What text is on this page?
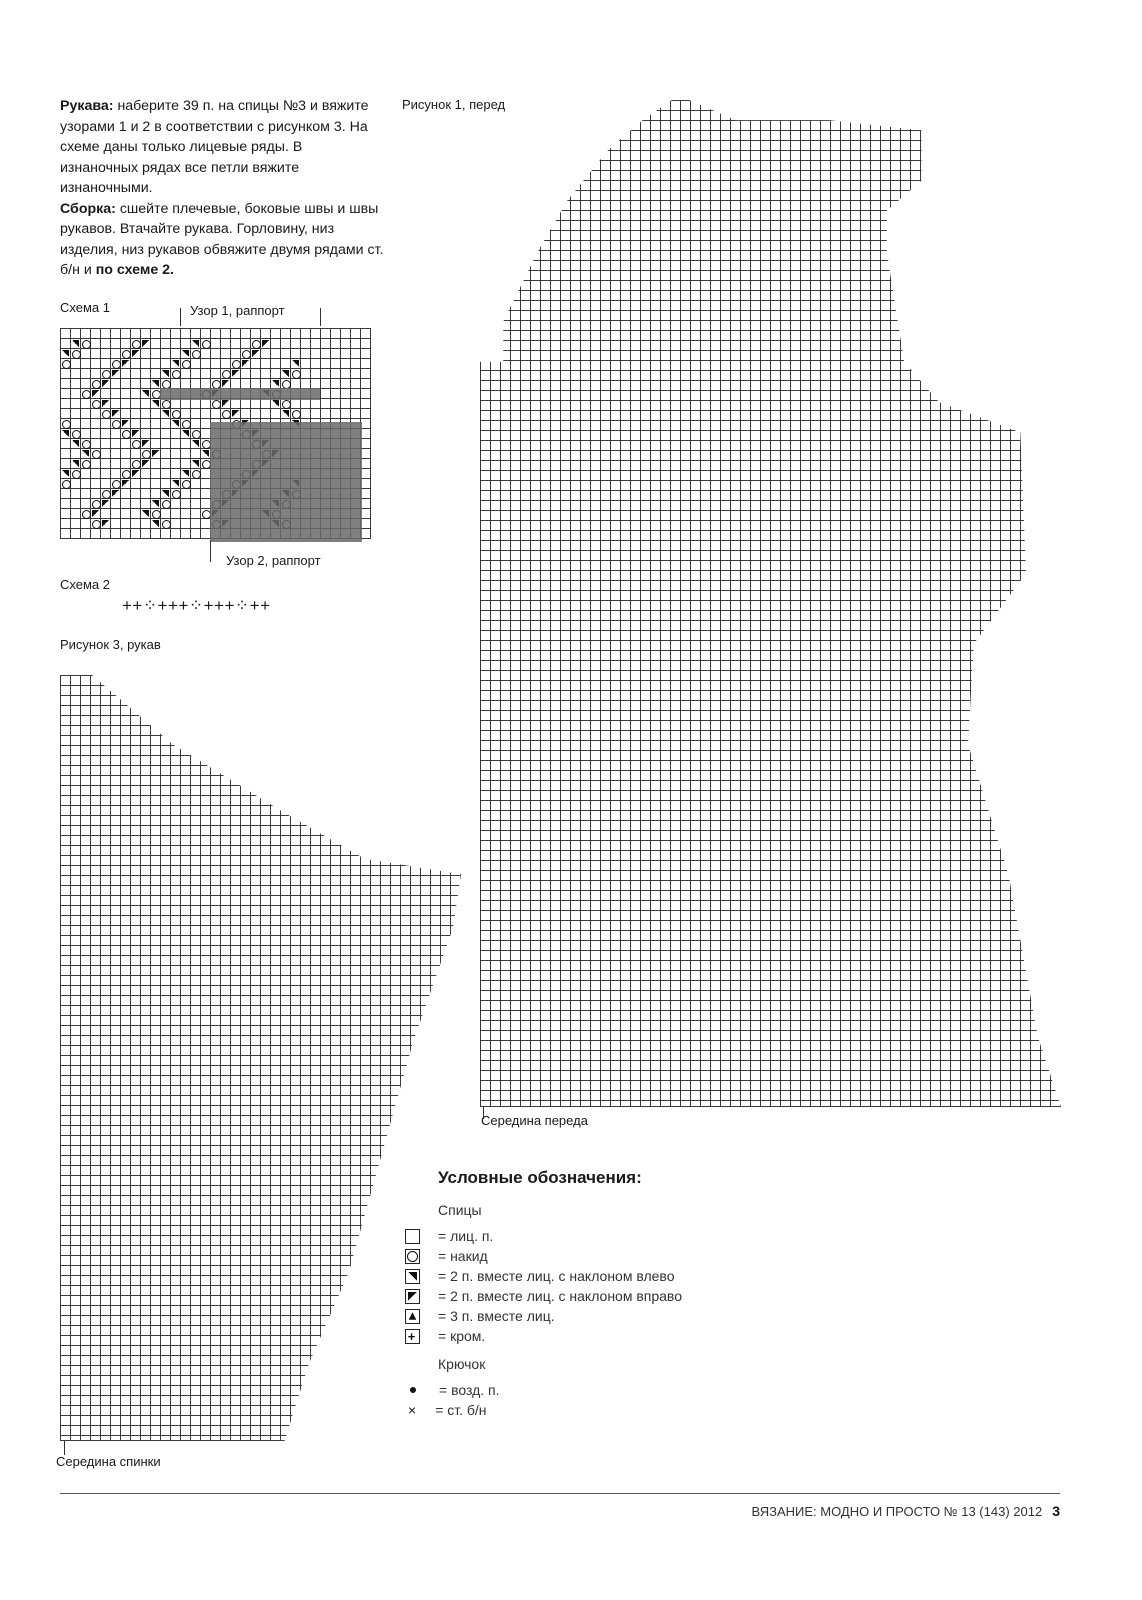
Рукава: наберите 39 п. на спицы №3 и вяжите узорами 1 и 2 в соответствии с рисунком 3. На схеме даны только лицевые ряды. В изнаночных рядах все петли вяжите изнаночными.

Сборка: сшейте плечевые, боковые швы и швы рукавов. Втачайте рукава. Горловину, низ изделия, низ рукавов обвяжите двумя рядами ст. б/н и по схеме 2.

Схема 1	Узор 1, раппорт
Узор 2, раппорт
Схема 2
++⁘+++⁘+++⁘++
Рисунок 3, рукав
Середина спинки
Рисунок 1, перед
Середина переда
Условные обозначения:
Спицы
= лиц. п.
= накид
= 2 п. вместе лиц. с наклоном влево
= 2 п. вместе лиц. с наклоном вправо
= 3 п. вместе лиц.
+ = кром.
Крючок
= возд. п.
× = ст. б/н
ВЯЗАНИЕ: МОДНО И ПРОСТО № 13 (143) 2012 3
